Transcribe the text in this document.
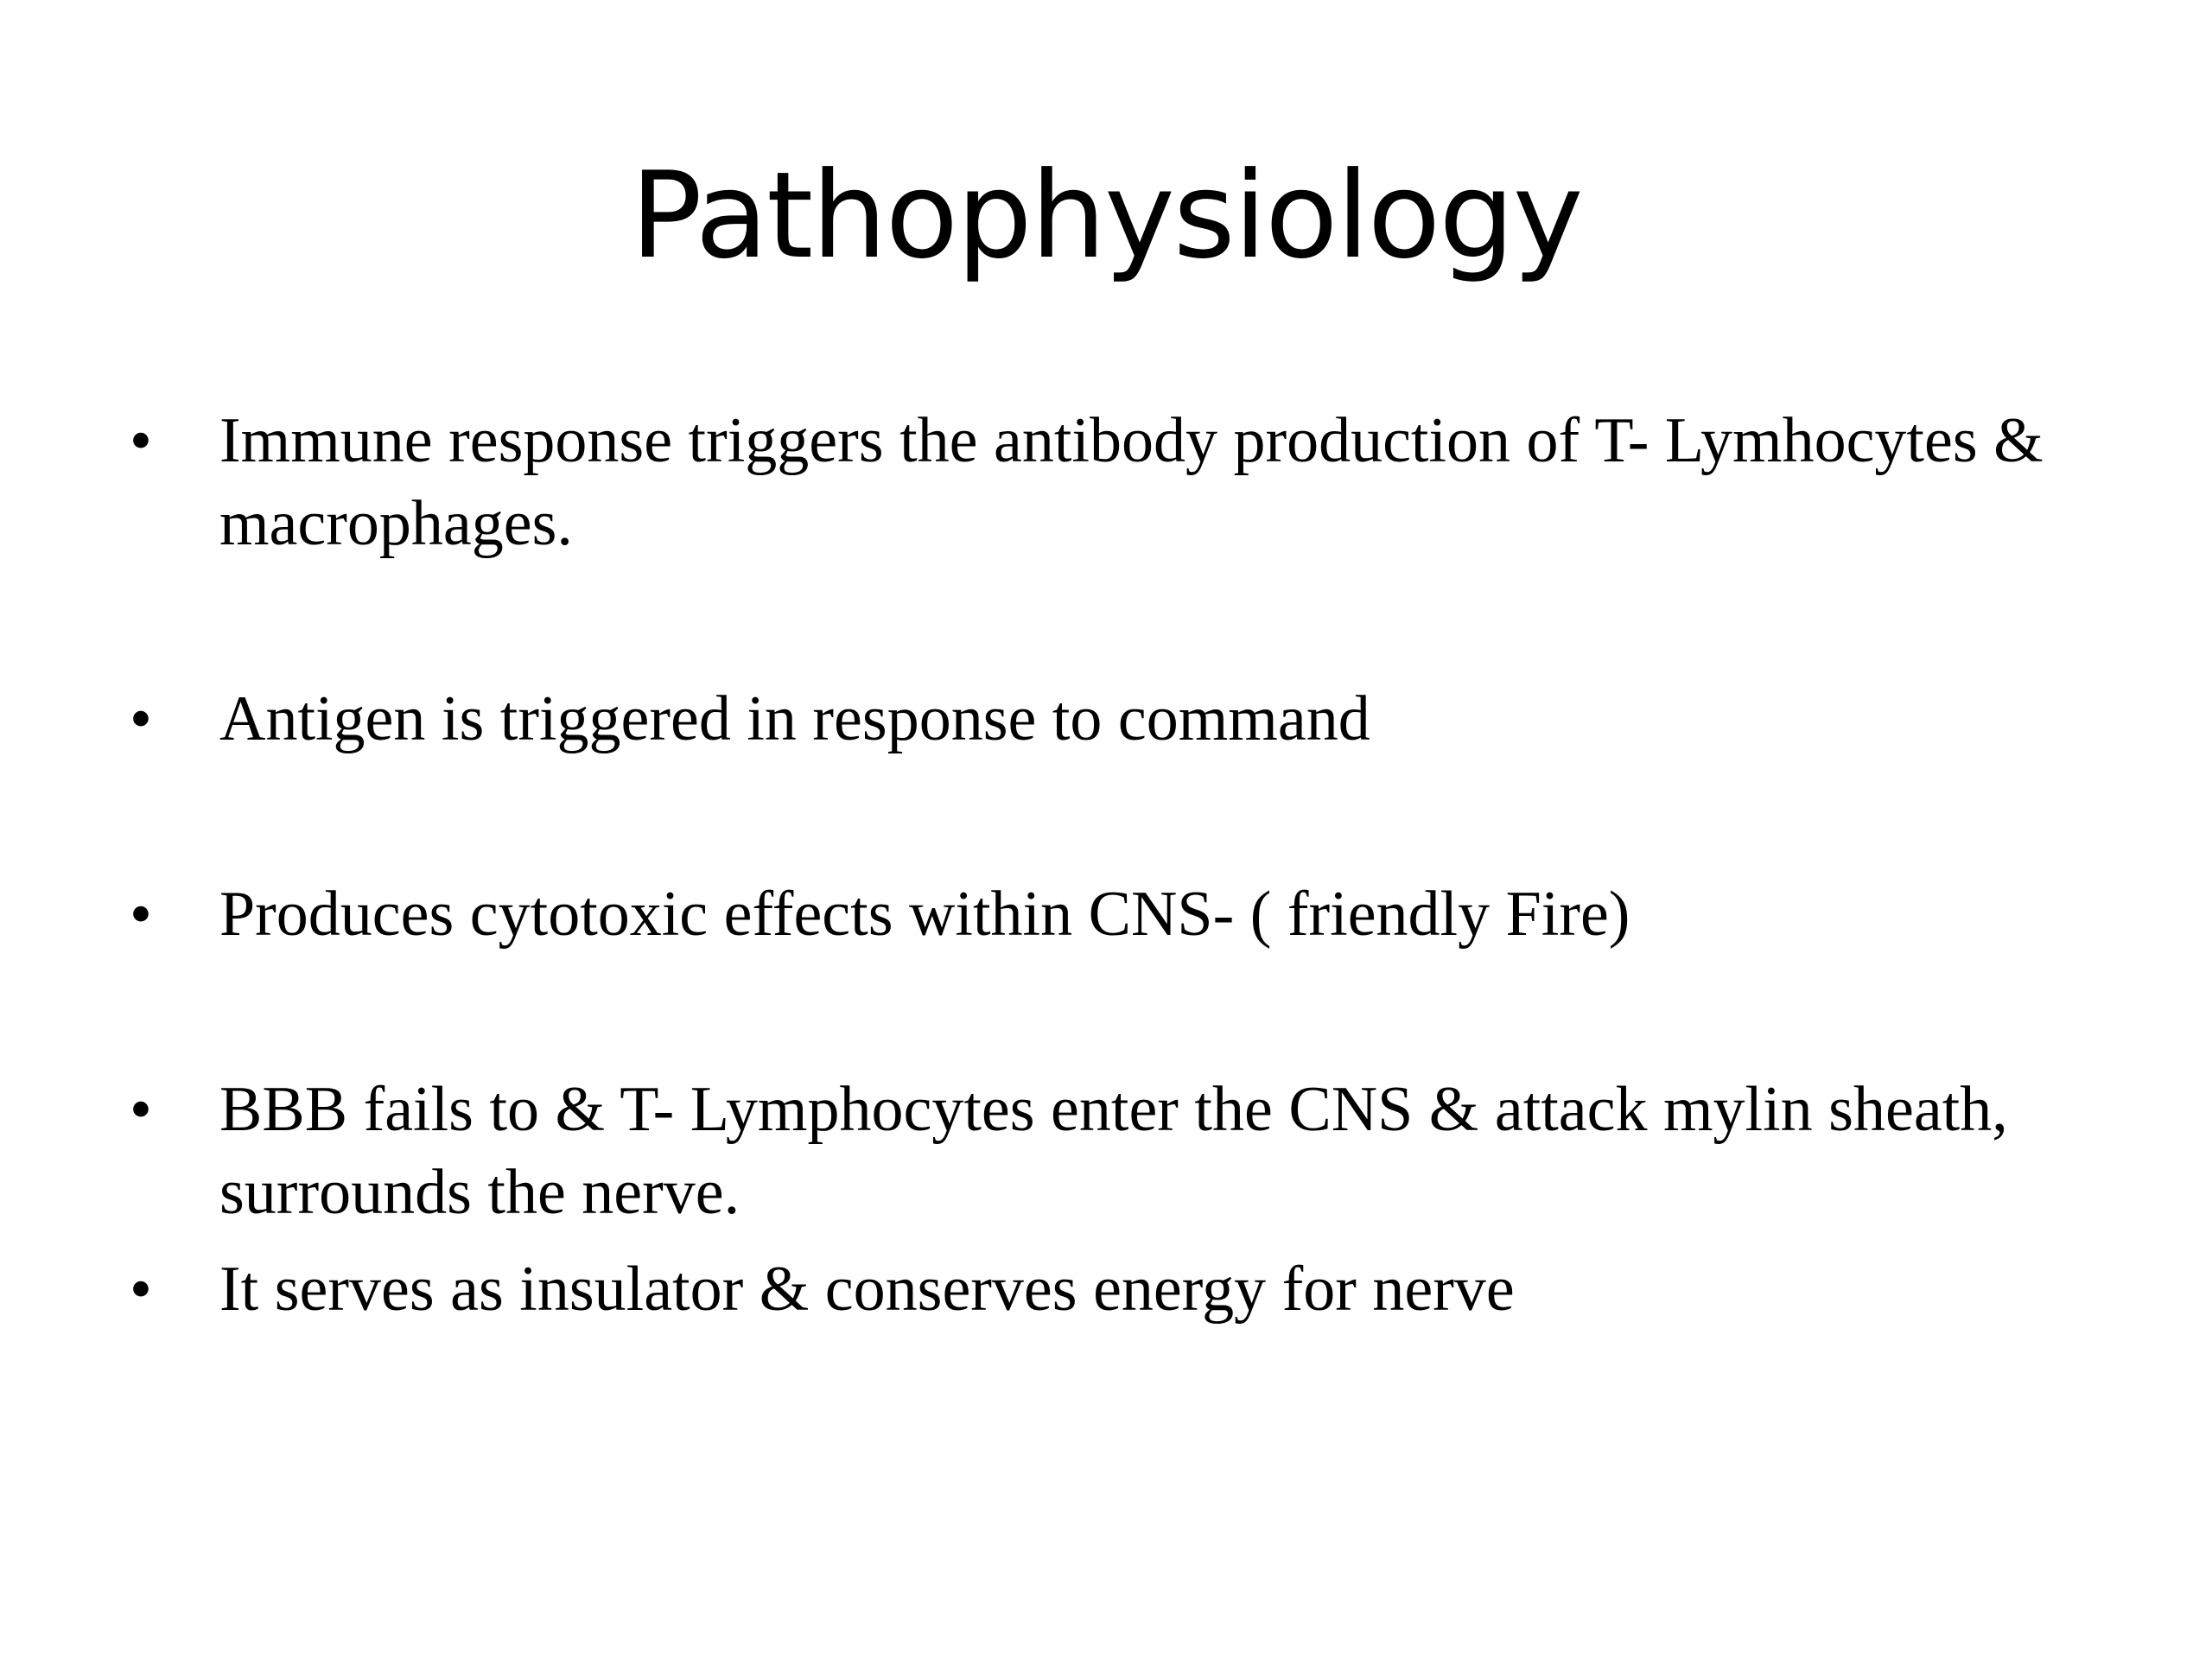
Pathophysiology
• Immune response triggers the antibody production of T- Lymhocytes & macrophages.
• Antigen is triggered in response to command
• Produces cytotoxic effects within CNS- ( friendly Fire)
• BBB fails to & T- Lymphocytes enter the CNS & attack mylin sheath, surrounds the nerve.
• It serves as insulator & conserves energy for nerve
